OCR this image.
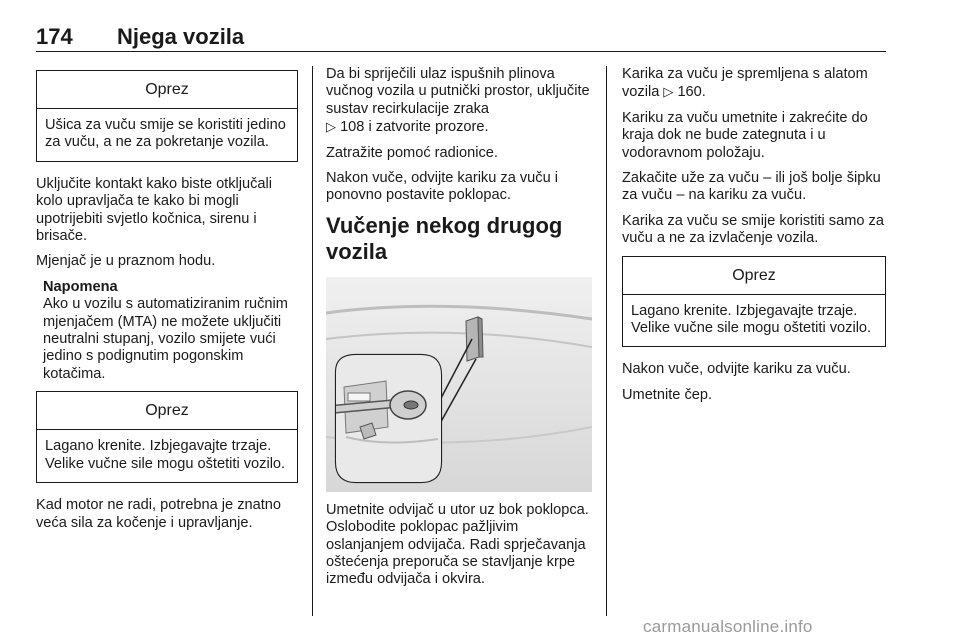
174 Njega vozila
Oprez
Ušica za vuču smije se koristiti jedino za vuču, a ne za pokretanje vozila.

Uključite kontakt kako biste otključali kolo upravljača te kako bi mogli upotrijebiti svjetlo kočnica, sirenu i brisače.

Mjenjač je u praznom hodu.

Napomena
Ako u vozilu s automatiziranim ručnim mjenjačem (MTA) ne možete uključiti neutralni stupanj, vozilo smijete vući jedino s podignutim pogonskim kotačima.
Oprez
Lagano krenite. Izbjegavajte trzaje. Velike vučne sile mogu oštetiti vozilo.

Kad motor ne radi, potrebna je znatno veća sila za kočenje i upravljanje.

Da bi spriječili ulaz ispušnih plinova vučnog vozila u putnički prostor, uključite sustav recirkulacije zraka
▷ 108 i zatvorite prozore.

Zatražite pomoć radionice.

Nakon vuče, odvijte kariku za vuču i ponovno postavite poklopac.

Vučenje nekog drugog vozila

Umetnite odvijač u utor uz bok poklopca. Oslobodite poklopac pažljivim oslanjanjem odvijača. Radi sprječavanja oštećenja preporuča se stavljanje krpe između odvijača i okvira.

Karika za vuču je spremljena s alatom vozila ▷ 160.

Kariku za vuču umetnite i zakrećite do kraja dok ne bude zategnuta i u vodoravnom položaju.

Zakačite uže za vuču – ili još bolje šipku za vuču – na kariku za vuču.

Karika za vuču se smije koristiti samo za vuču a ne za izvlačenje vozila.

Oprez
Lagano krenite. Izbjegavajte trzaje. Velike vučne sile mogu oštetiti vozilo.

Nakon vuče, odvijte kariku za vuču.

Umetnite čep.

carmanualsonline.info
